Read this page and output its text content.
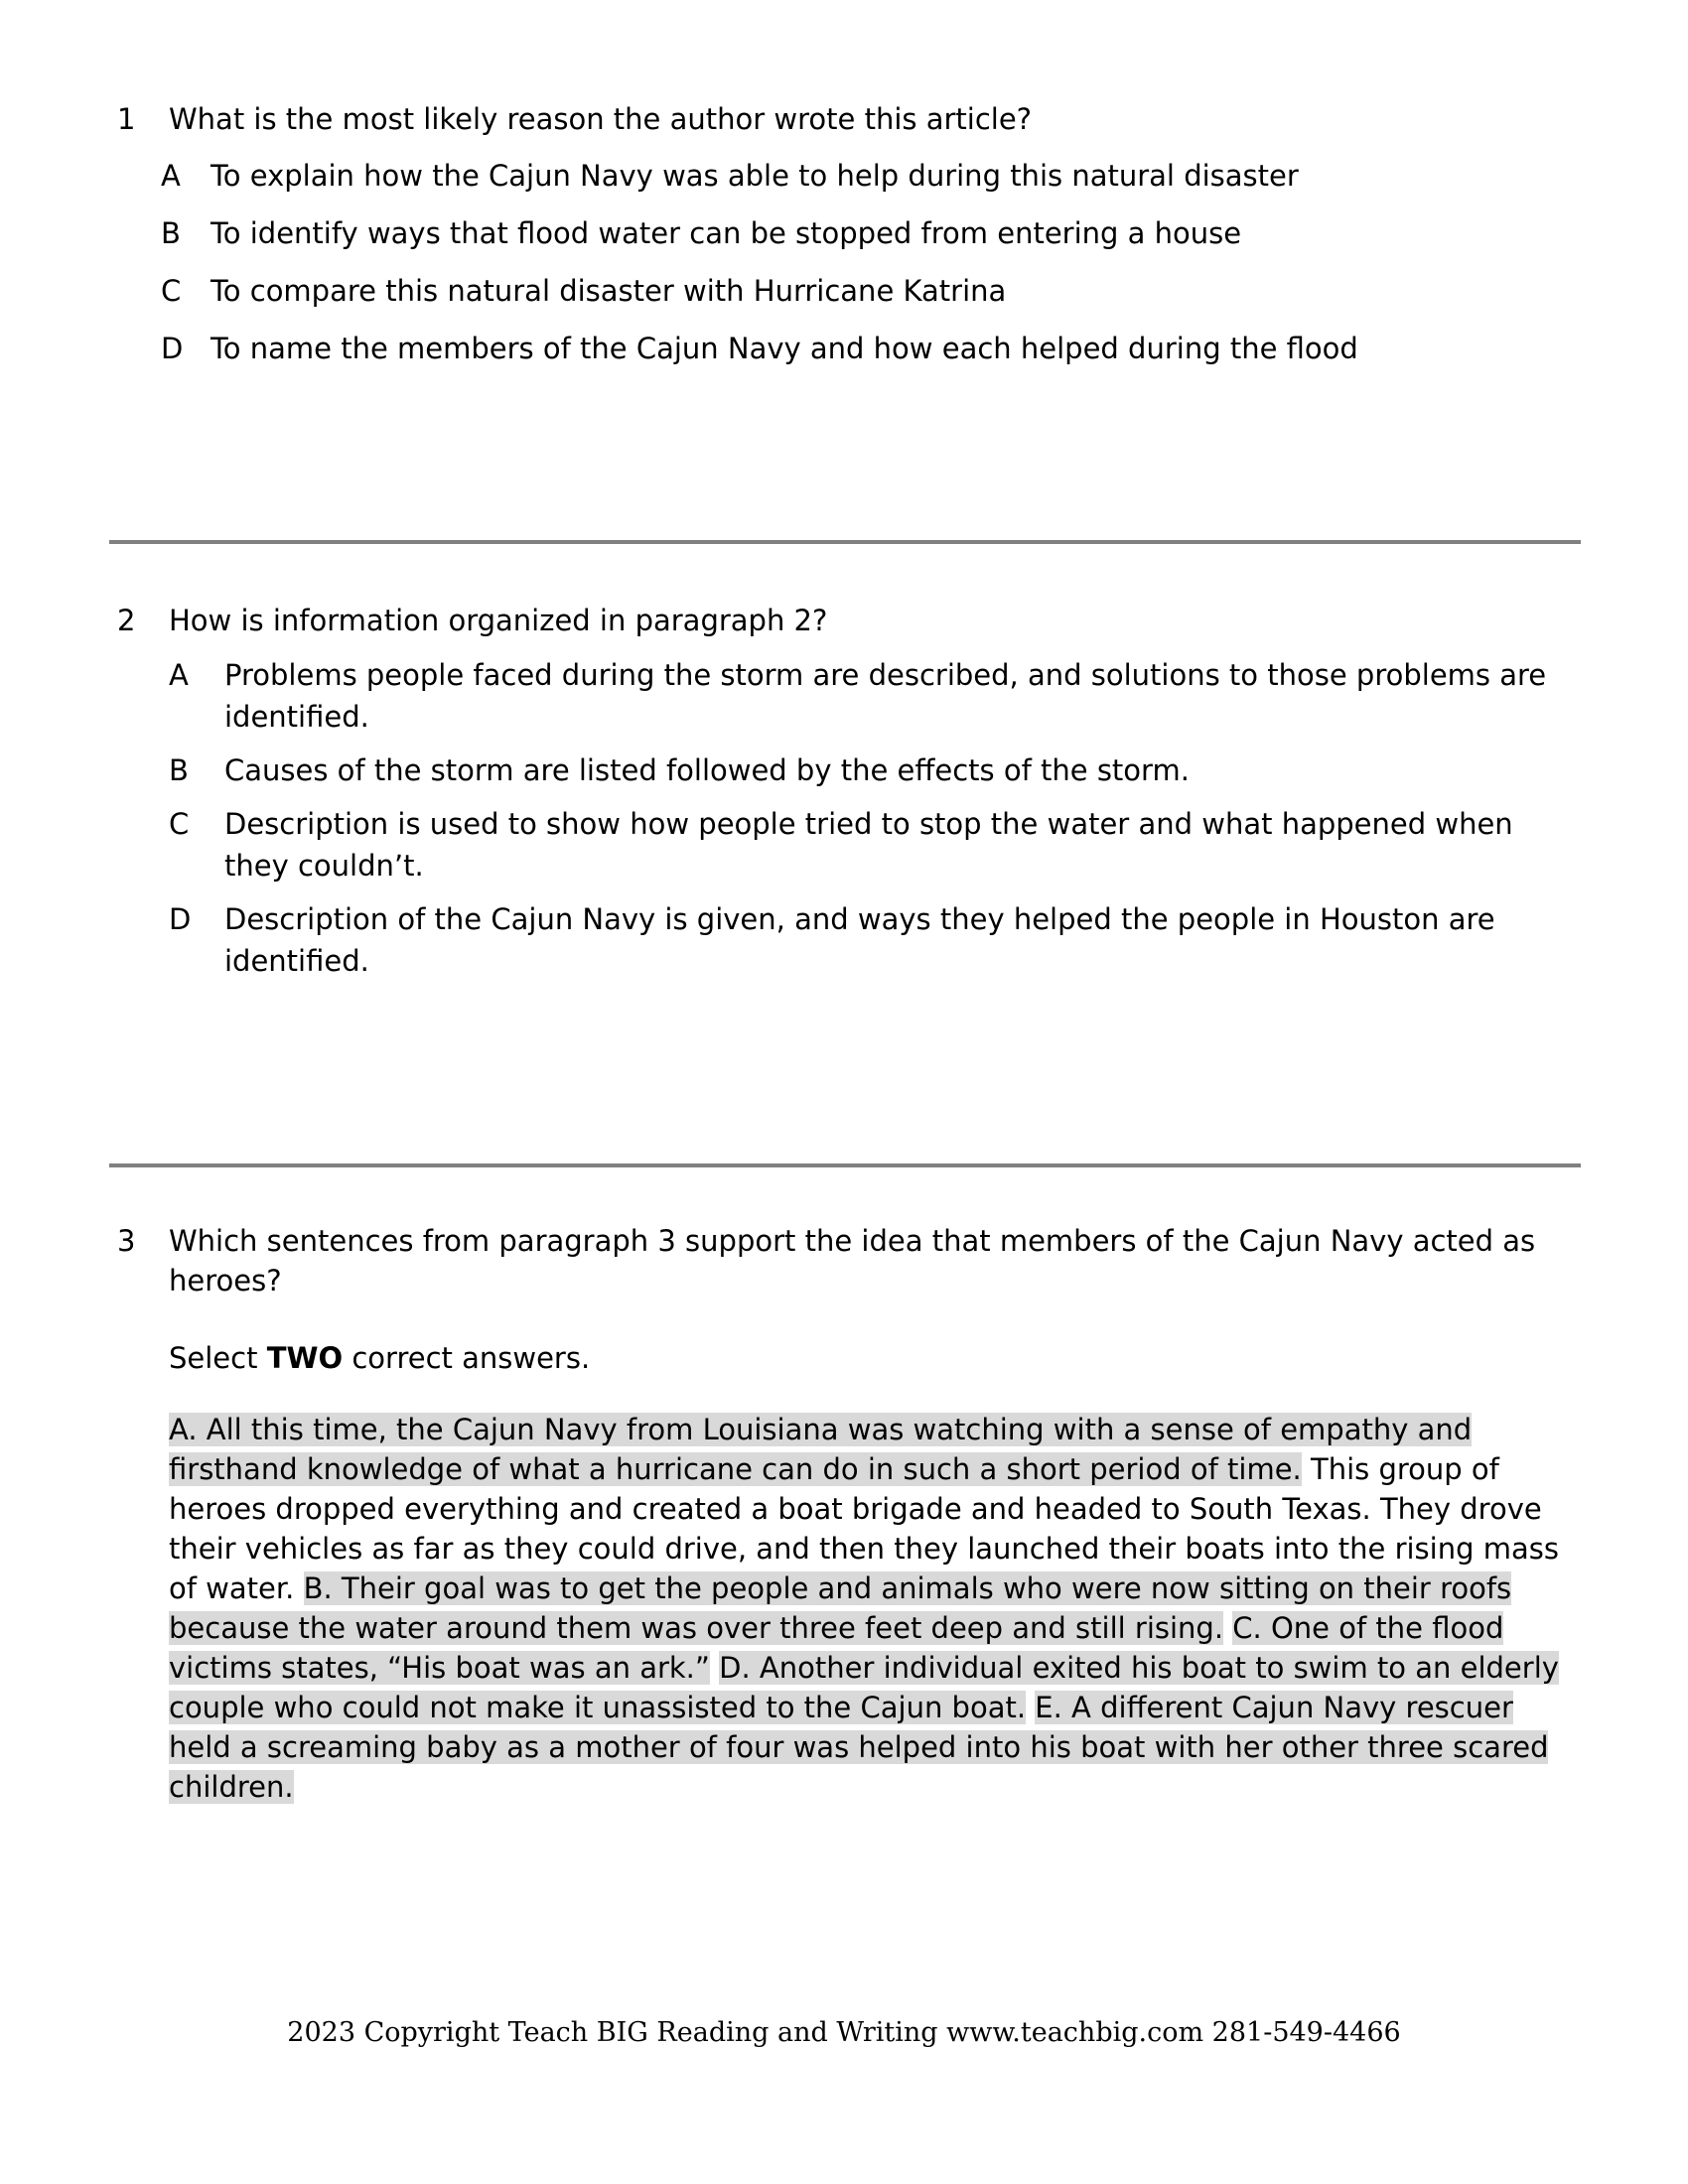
1	What is the most likely reason the author wrote this article?
A	To explain how the Cajun Navy was able to help during this natural disaster
B	To identify ways that flood water can be stopped from entering a house
C	To compare this natural disaster with Hurricane Katrina
D To name the members of the Cajun Navy and how each helped during the flood
2	How is information organized in paragraph 2?
A	Problems people faced during the storm are described, and solutions to those problems are identified.
B	Causes of the storm are listed followed by the effects of the storm.
C	Description is used to show how people tried to stop the water and what happened when they couldn’t.
D	Description of the Cajun Navy is given, and ways they helped the people in Houston are identified.
3	Which sentences from paragraph 3 support the idea that members of the Cajun Navy acted as heroes?
Select TWO correct answers.
A. All this time, the Cajun Navy from Louisiana was watching with a sense of empathy and firsthand knowledge of what a hurricane can do in such a short period of time. This group of heroes dropped everything and created a boat brigade and headed to South Texas. They drove their vehicles as far as they could drive, and then they launched their boats into the rising mass of water. B. Their goal was to get the people and animals who were now sitting on their roofs because the water around them was over three feet deep and still rising. C. One of the flood victims states, “His boat was an ark.” D. Another individual exited his boat to swim to an elderly couple who could not make it unassisted to the Cajun boat. E. A different Cajun Navy rescuer held a screaming baby as a mother of four was helped into his boat with her other three scared children.
2023 Copyright Teach BIG Reading and Writing www.teachbig.com 281-549-4466
